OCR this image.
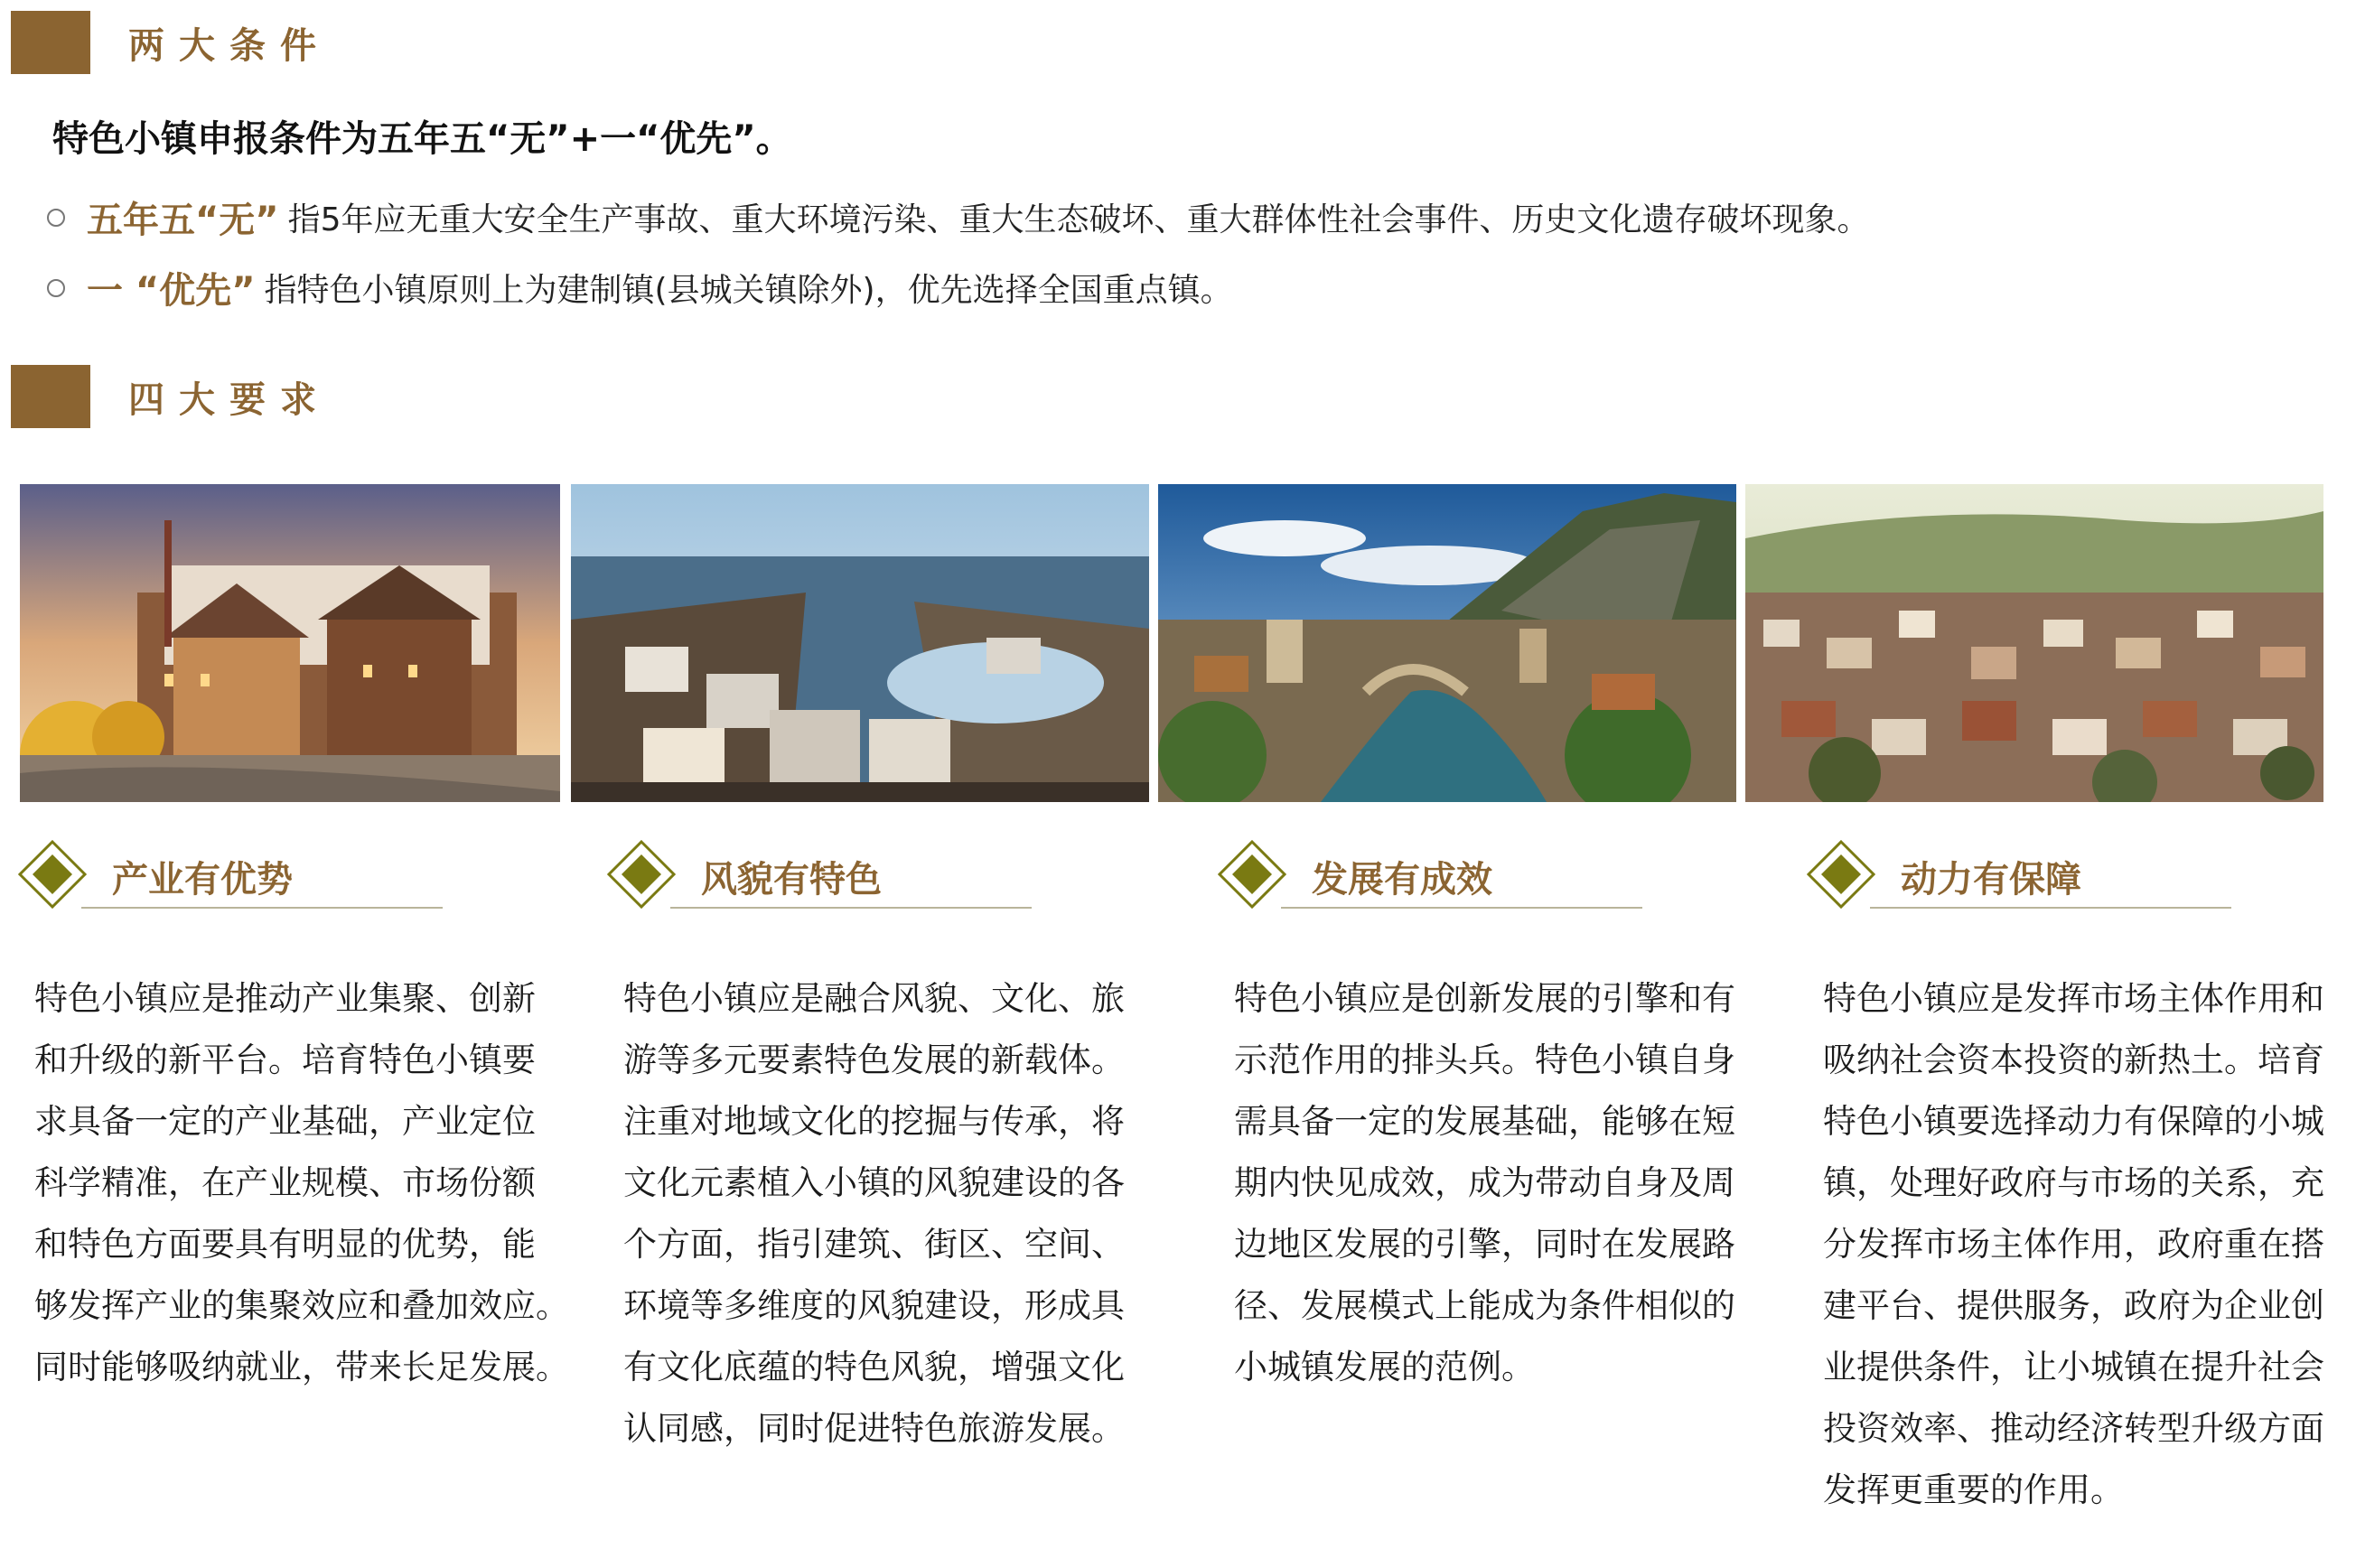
两大条件
特色小镇申报条件为五年五“无”+一“优先”。
五年五“无” 指5年应无重大安全生产事故、重大环境污染、重大生态破坏、重大群体性社会事件、历史文化遗存破坏现象。
一 “优先” 指特色小镇原则上为建制镇(县城关镇除外)，优先选择全国重点镇。
四大要求
产业有优势	风貌有特色	发展有成效	动力有保障

特色小镇应是推动产业集聚、创新

和升级的新平台。培育特色小镇要

求具备一定的产业基础，产业定位

科学精准，在产业规模、市场份额

和特色方面要具有明显的优势，能

够发挥产业的集聚效应和叠加效应。

同时能够吸纳就业，带来长足发展。

特色小镇应是融合风貌、文化、旅

游等多元要素特色发展的新载体。

注重对地域文化的挖掘与传承，将

文化元素植入小镇的风貌建设的各

个方面，指引建筑、街区、空间、

环境等多维度的风貌建设，形成具

有文化底蕴的特色风貌，增强文化

认同感，同时促进特色旅游发展。

特色小镇应是创新发展的引擎和有

示范作用的排头兵。特色小镇自身

需具备一定的发展基础，能够在短

期内快见成效，成为带动自身及周

边地区发展的引擎，同时在发展路

径、发展模式上能成为条件相似的

小城镇发展的范例。

特色小镇应是发挥市场主体作用和

吸纳社会资本投资的新热土。培育

特色小镇要选择动力有保障的小城

镇，处理好政府与市场的关系，充

分发挥市场主体作用，政府重在搭

建平台、提供服务，政府为企业创

业提供条件，让小城镇在提升社会

投资效率、推动经济转型升级方面

发挥更重要的作用。
